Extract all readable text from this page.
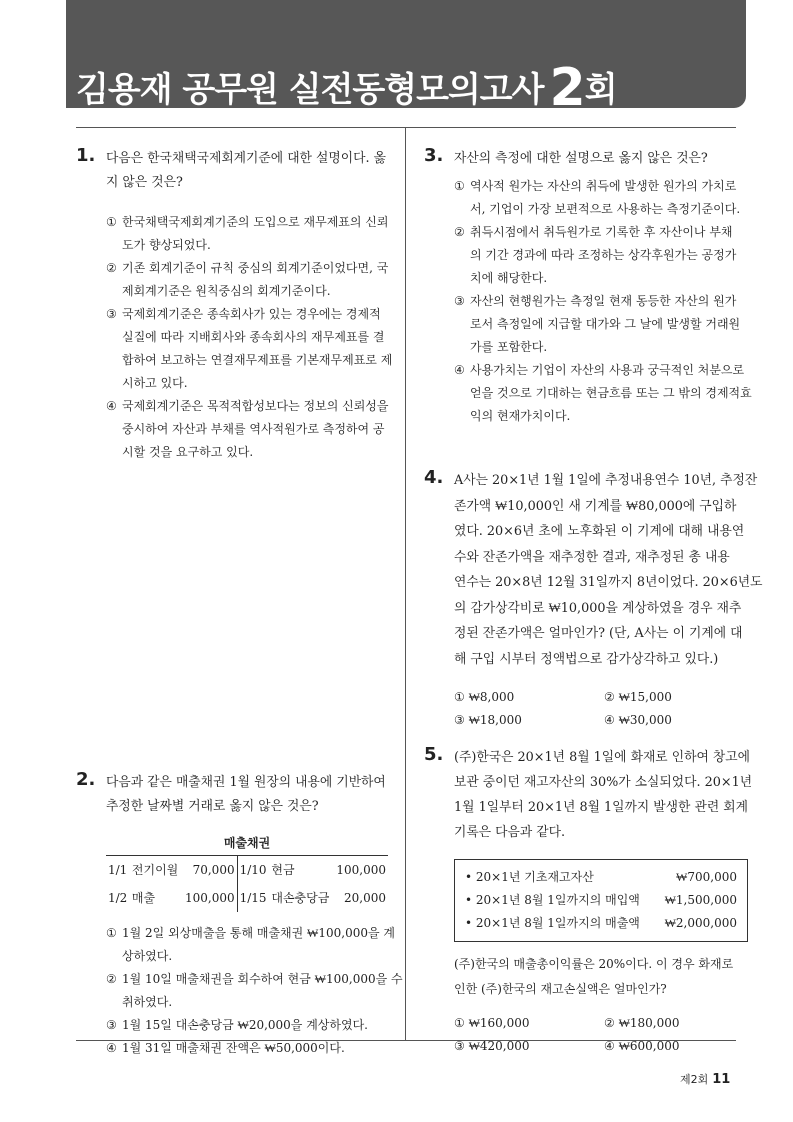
김용재 공무원 실전동형모의고사 2회
1. 다음은 한국채택국제회계기준에 대한 설명이다. 옳
지 않은 것은?
① 한국채택국제회계기준의 도입으로 재무제표의 신뢰
도가 향상되었다.
② 기존 회계기준이 규칙 중심의 회계기준이었다면, 국
제회계기준은 원칙중심의 회계기준이다.
③ 국제회계기준은 종속회사가 있는 경우에는 경제적
실질에 따라 지배회사와 종속회사의 재무제표를 결
합하여 보고하는 연결재무제표를 기본재무제표로 제
시하고 있다.
④ 국제회계기준은 목적적합성보다는 정보의 신뢰성을
중시하여 자산과 부채를 역사적원가로 측정하여 공
시할 것을 요구하고 있다.
2. 다음과 같은 매출채권 1월 원장의 내용에 기반하여
추정한 날짜별 거래로 옳지 않은 것은?
매출채권
1/1	전기이월	70,000	1/10	현금	100,000
1/2	매출	100,000	1/15	대손충당금	20,000
① 1월 2일 외상매출을 통해 매출채권 ₩100,000을 계
상하였다.
② 1월 10일 매출채권을 회수하여 현금 ₩100,000을 수
취하였다.
③ 1월 15일 대손충당금 ₩20,000을 계상하였다.
④ 1월 31일 매출채권 잔액은 ₩50,000이다.
3. 자산의 측정에 대한 설명으로 옳지 않은 것은?
① 역사적 원가는 자산의 취득에 발생한 원가의 가치로
서, 기업이 가장 보편적으로 사용하는 측정기준이다.
② 취득시점에서 취득원가로 기록한 후 자산이나 부채
의 기간 경과에 따라 조정하는 상각후원가는 공정가
치에 해당한다.
③ 자산의 현행원가는 측정일 현재 동등한 자산의 원가
로서 측정일에 지급할 대가와 그 날에 발생할 거래원
가를 포함한다.
④ 사용가치는 기업이 자산의 사용과 궁극적인 처분으로
얻을 것으로 기대하는 현금흐름 또는 그 밖의 경제적효
익의 현재가치이다.
4. A사는 20×1년 1월 1일에 추정내용연수 10년, 추정잔
존가액 ₩10,000인 새 기계를 ₩80,000에 구입하
였다. 20×6년 초에 노후화된 이 기계에 대해 내용연
수와 잔존가액을 재추정한 결과, 재추정된 총 내용
연수는 20×8년 12월 31일까지 8년이었다. 20×6년도
의 감가상각비로 ₩10,000을 계상하였을 경우 재추
정된 잔존가액은 얼마인가? (단, A사는 이 기계에 대
해 구입 시부터 정액법으로 감가상각하고 있다.)
① ₩8,000	② ₩15,000
③ ₩18,000	④ ₩30,000
5. (주)한국은 20×1년 8월 1일에 화재로 인하여 창고에
보관 중이던 재고자산의 30%가 소실되었다. 20×1년
1월 1일부터 20×1년 8월 1일까지 발생한 관련 회계
기록은 다음과 같다.
• 20×1년 기초재고자산	₩700,000
• 20×1년 8월 1일까지의 매입액 ₩1,500,000
• 20×1년 8월 1일까지의 매출액 ₩2,000,000
(주)한국의 매출총이익률은 20%이다. 이 경우 화재로
인한 (주)한국의 재고손실액은 얼마인가?
① ₩160,000	② ₩180,000
③ ₩420,000	④ ₩600,000
제2회 11
